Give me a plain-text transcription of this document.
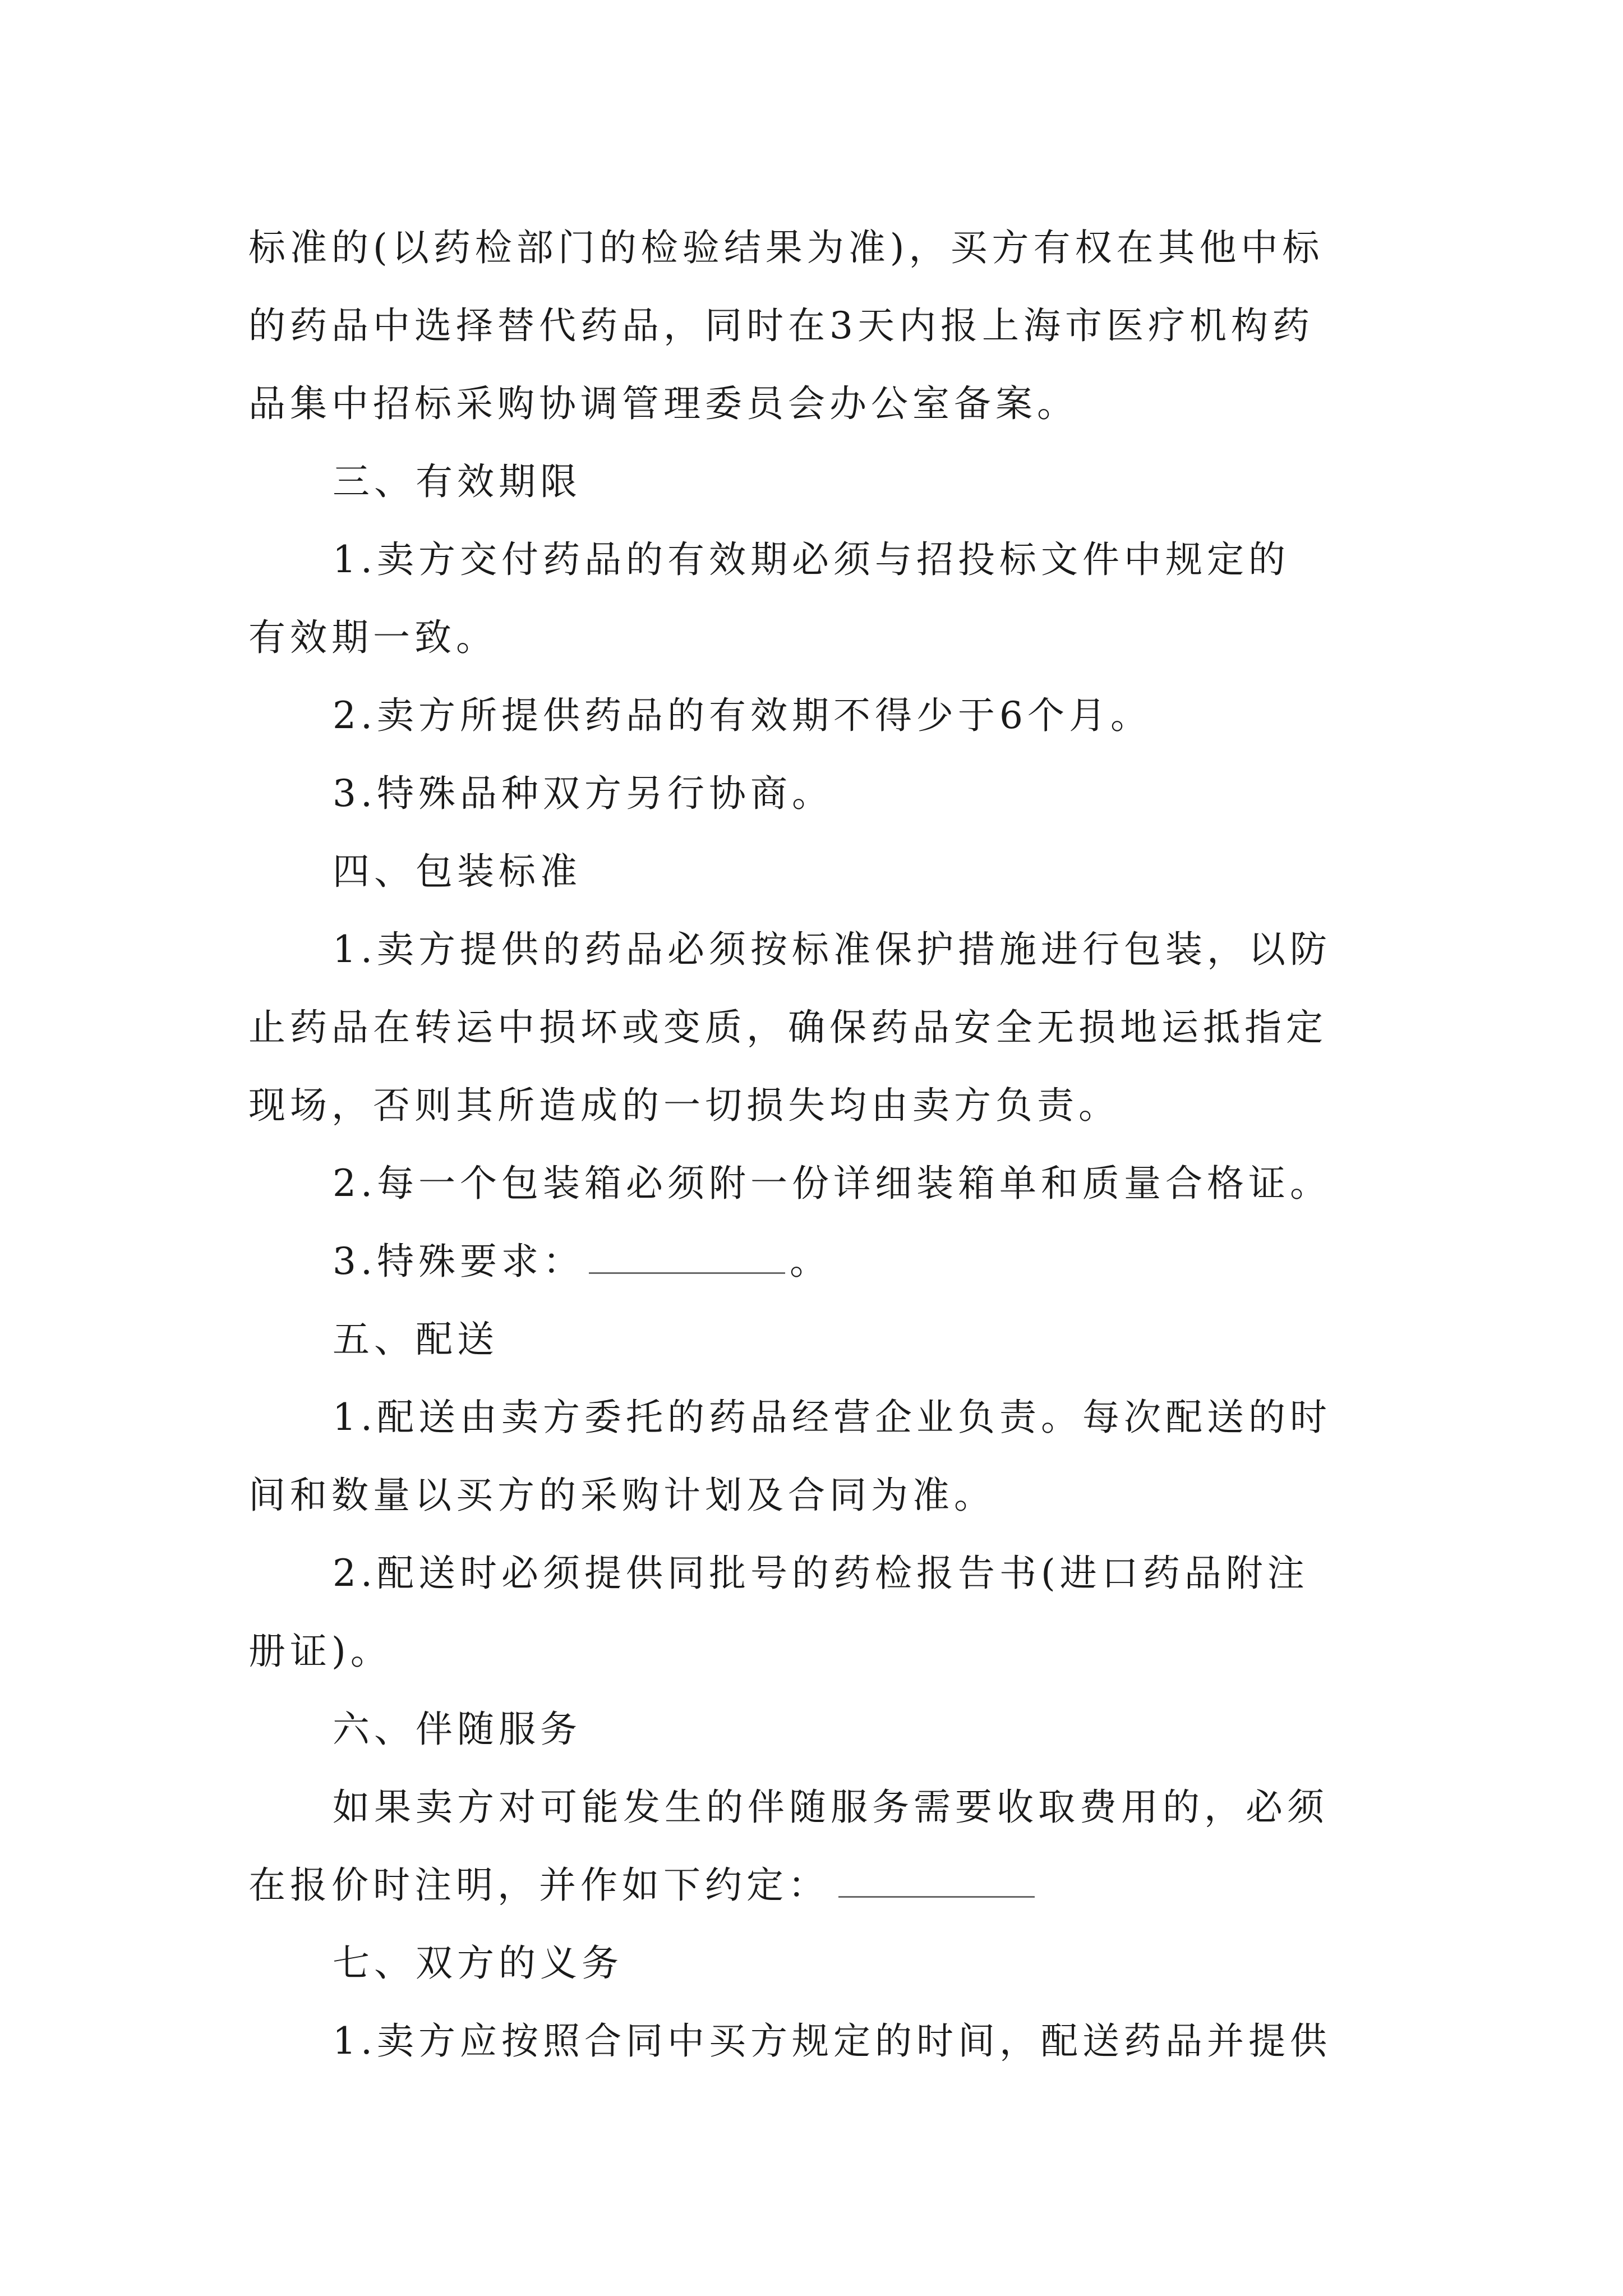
标准的(以药检部门的检验结果为准)，买方有权在其他中标
的药品中选择替代药品，同时在3天内报上海市医疗机构药
品集中招标采购协调管理委员会办公室备案。
三、有效期限
1.卖方交付药品的有效期必须与招投标文件中规定的
有效期一致。
2.卖方所提供药品的有效期不得少于6个月。
3.特殊品种双方另行协商。
四、包装标准
1.卖方提供的药品必须按标准保护措施进行包装，以防
止药品在转运中损坏或变质，确保药品安全无损地运抵指定
现场，否则其所造成的一切损失均由卖方负责。
2.每一个包装箱必须附一份详细装箱单和质量合格证。
3.特殊要求：	。
五、配送
1.配送由卖方委托的药品经营企业负责。每次配送的时
间和数量以买方的采购计划及合同为准。
2.配送时必须提供同批号的药检报告书(进口药品附注
册证)。
六、伴随服务
如果卖方对可能发生的伴随服务需要收取费用的，必须
在报价时注明，并作如下约定：
七、双方的义务
1.卖方应按照合同中买方规定的时间，配送药品并提供
